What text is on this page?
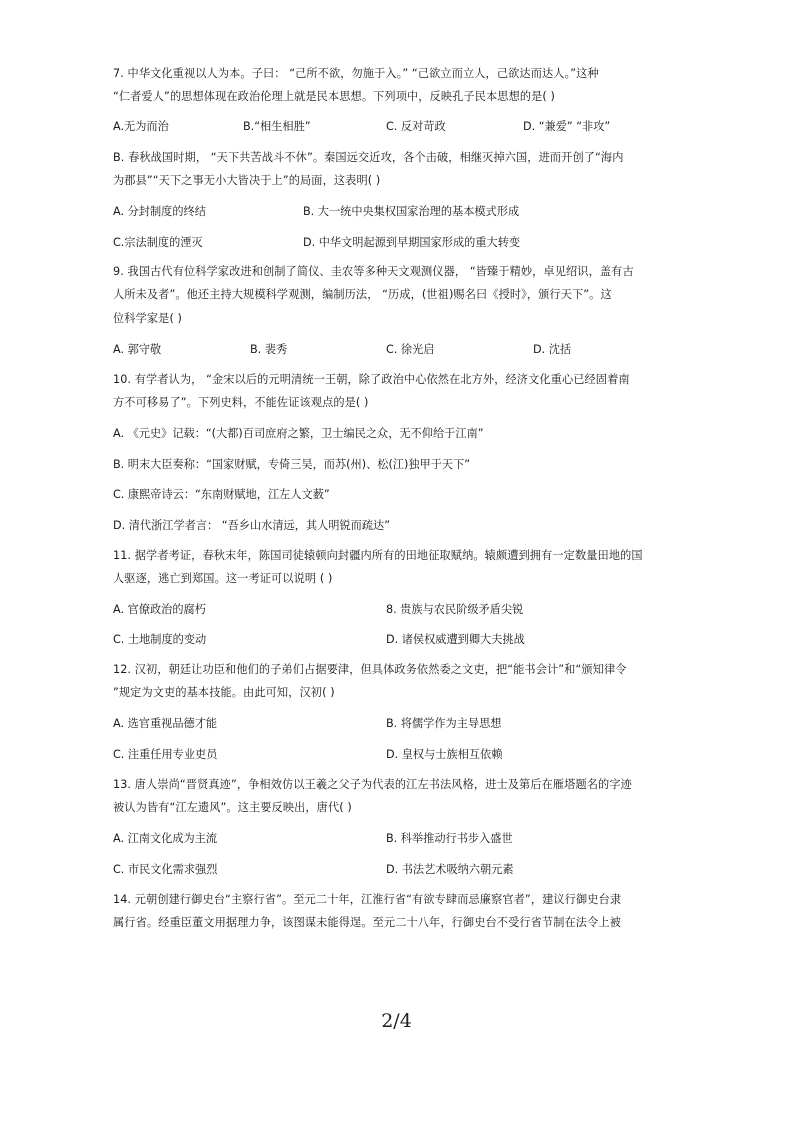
7. 中华文化重视以人为本。子曰： “己所不欲，勿施于入。” “己欲立而立人，己欲达而达人。”这种
“仁者爱人”的思想体现在政治伦理上就是民本思想。下列项中，反映孔子民本思想的是( )
A.无为而治	B.“相生相胜”	C. 反对苛政	D. “兼爱” “非攻”
B. 春秋战国时期， “天下共苦战斗不休”。秦国远交近攻，各个击破，相继灭掉六国，进而开创了“海内
为郡县”“天下之事无小大皆决于上”的局面，这表明( )
A. 分封制度的终结	B. 大一统中央集权国家治理的基本模式形成
C.宗法制度的湮灭	D. 中华文明起源到早期国家形成的重大转变
9. 我国古代有位科学家改进和创制了简仪、圭农等多种天文观测仪器， “皆臻于精妙，卓见绍识，盖有古
人所未及者”。他还主持大规模科学观测，编制历法， “历成，(世祖)赐名曰《授时》，颁行天下”。这
位科学家是( )
A. 郭守敬	B. 裴秀	C. 徐光启	D. 沈括
10. 有学者认为， “金宋以后的元明清统一王朝，除了政治中心依然在北方外，经济文化重心已经固着南
方不可移易了”。下列史料，不能佐证该观点的是( )
A. 《元史》记载：“(大都)百司庶府之繁，卫士编民之众，无不仰给于江南”
B. 明末大臣奏称：“国家财赋，专倚三吴，而苏(州)、松(江)独甲于天下”
C. 康熙帝诗云：“东南财赋地，江左人文薮”
D. 清代浙江学者言： “吾乡山水清远，其人明锐而疏达”
11. 据学者考证，春秋末年，陈国司徒辕顿向封疆内所有的田地征取赋纳。辕颇遭到拥有一定数量田地的国
人驱逐，逃亡到郑国。这一考证可以说明 ( )
A. 官僚政治的腐朽	8. 贵族与农民阶级矛盾尖锐
C. 土地制度的变动	D. 诸侯权威遭到卿大夫挑战
12. 汉初，朝廷让功臣和他们的子弟们占据要津，但具体政务依然委之文吏，把“能书会计”和“颁知律令
”规定为文吏的基本技能。由此可知，汉初( )
A. 选官重视品德才能	B. 将儒学作为主导思想
C. 注重任用专业吏员	D. 皇权与士族相互依赖
13. 唐人崇尚“晋贤真迹”，争相效仿以王羲之父子为代表的江左书法风格，进士及第后在雁塔题名的字迹
被认为皆有“江左遗风”。这主要反映出，唐代( )
A. 江南文化成为主流	B. 科举推动行书步入盛世
C. 市民文化需求强烈	D. 书法艺术吸纳六朝元素
14. 元朝创建行御史台“主察行省”。至元二十年，江淮行省“有欲专肆而忌廉察官者”，建议行御史台隶
属行省。经重臣董文用据理力争，该图谋未能得逞。至元二十八年，行御史台不受行省节制在法令上被
2/4
